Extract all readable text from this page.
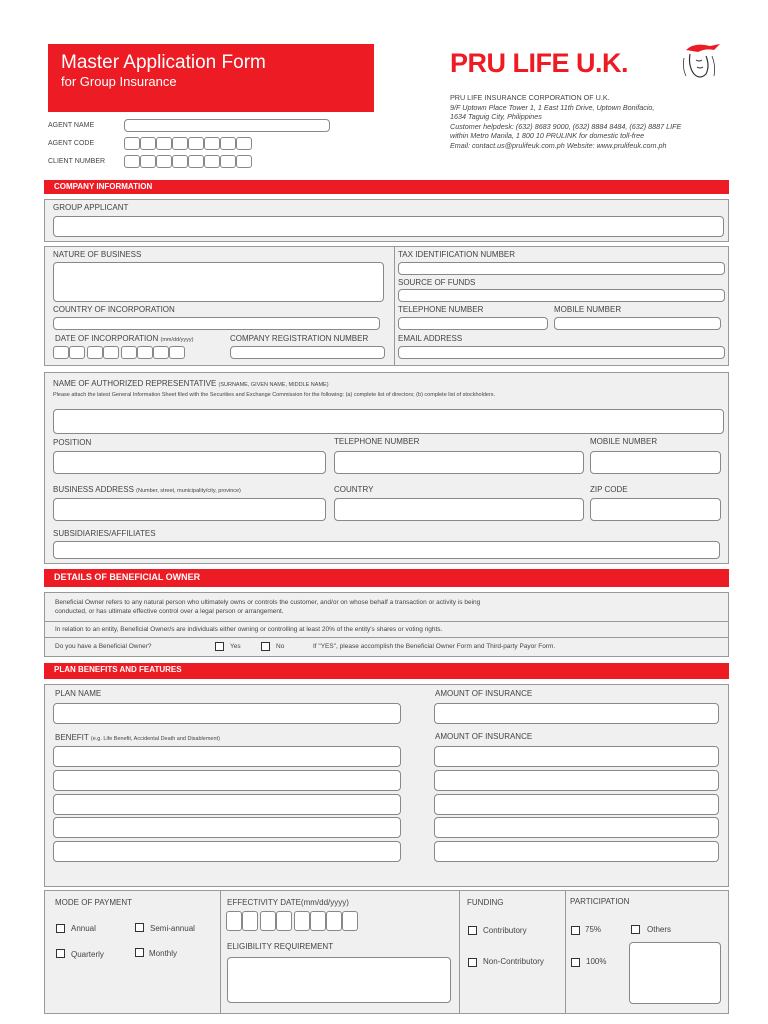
Master Application Form
for Group Insurance
PRU LIFE U.K.
PRU LIFE INSURANCE CORPORATION OF U.K.
9/F Uptown Place Tower 1, 1 East 11th Drive, Uptown Bonifacio,
1634 Taguig City, Philippines
Customer helpdesk: (632) 8683 9000, (632) 8884 8484, (632) 8887 LIFE
within Metro Manila, 1 800 10 PRULINK for domestic toll-free
Email: contact.us@prulifeuk.com.ph Website: www.prulifeuk.com.ph
AGENT NAME
AGENT CODE
CLIENT NUMBER
COMPANY INFORMATION
GROUP APPLICANT
NATURE OF BUSINESS	TAX IDENTIFICATION NUMBER
SOURCE OF FUNDS
COUNTRY OF INCORPORATION	TELEPHONE NUMBER	MOBILE NUMBER
DATE OF INCORPORATION (mm/dd/yyyy)	COMPANY REGISTRATION NUMBER	EMAIL ADDRESS
NAME OF AUTHORIZED REPRESENTATIVE (SURNAME, GIVEN NAME, MIDDLE NAME)
Please attach the latest General Information Sheet filed with the Securities and Exchange Commission for the following: (a) complete list of directors; (b) complete list of stockholders.
POSITION	TELEPHONE NUMBER	MOBILE NUMBER
BUSINESS ADDRESS (Number, street, municipality/city, province)	COUNTRY	ZIP CODE
SUBSIDIARIES/AFFILIATES
DETAILS OF BENEFICIAL OWNER
Beneficial Owner refers to any natural person who ultimately owns or controls the customer, and/or on whose behalf a transaction or activity is being
conducted, or has ultimate effective control over a legal person or arrangement.
In relation to an entity, Beneficial Owner/s are individuals either owning or controlling at least 20% of the entity's shares or voting rights.
Do you have a Beneficial Owner?	Yes	No	If "YES", please accomplish the Beneficial Owner Form and Third-party Payor Form.
PLAN BENEFITS AND FEATURES
PLAN NAME	AMOUNT OF INSURANCE
BENEFIT (e.g. Life Benefit, Accidental Death and Disablement)	AMOUNT OF INSURANCE
MODE OF PAYMENT
Annual	Semi-annual
Quarterly	Monthly
EFFECTIVITY DATE(mm/dd/yyyy)
ELIGIBILITY REQUIREMENT
FUNDING
Contributory
Non-Contributory
PARTICIPATION
75%	Others
100%
